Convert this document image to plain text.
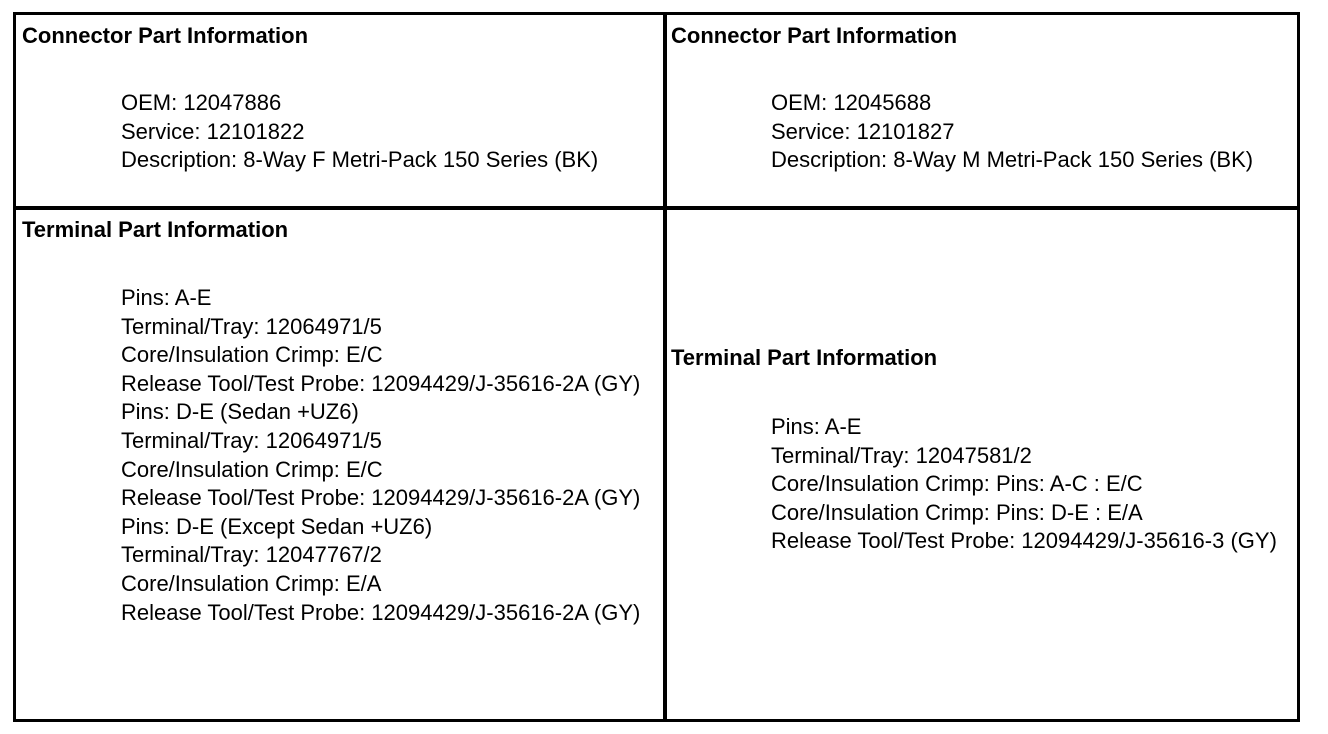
Connector Part Information
OEM: 12047886
Service: 12101822
Description: 8-Way F Metri-Pack 150 Series (BK)
Connector Part Information
OEM: 12045688
Service: 12101827
Description: 8-Way M Metri-Pack 150 Series (BK)
Terminal Part Information
Pins: A-E
Terminal/Tray: 12064971/5
Core/Insulation Crimp: E/C
Release Tool/Test Probe: 12094429/J-35616-2A (GY)
Pins: D-E (Sedan +UZ6)
Terminal/Tray: 12064971/5
Core/Insulation Crimp: E/C
Release Tool/Test Probe: 12094429/J-35616-2A (GY)
Pins: D-E (Except Sedan +UZ6)
Terminal/Tray: 12047767/2
Core/Insulation Crimp: E/A
Release Tool/Test Probe: 12094429/J-35616-2A (GY)
Terminal Part Information
Pins: A-E
Terminal/Tray: 12047581/2
Core/Insulation Crimp: Pins: A-C : E/C
Core/Insulation Crimp: Pins: D-E : E/A
Release Tool/Test Probe: 12094429/J-35616-3 (GY)
